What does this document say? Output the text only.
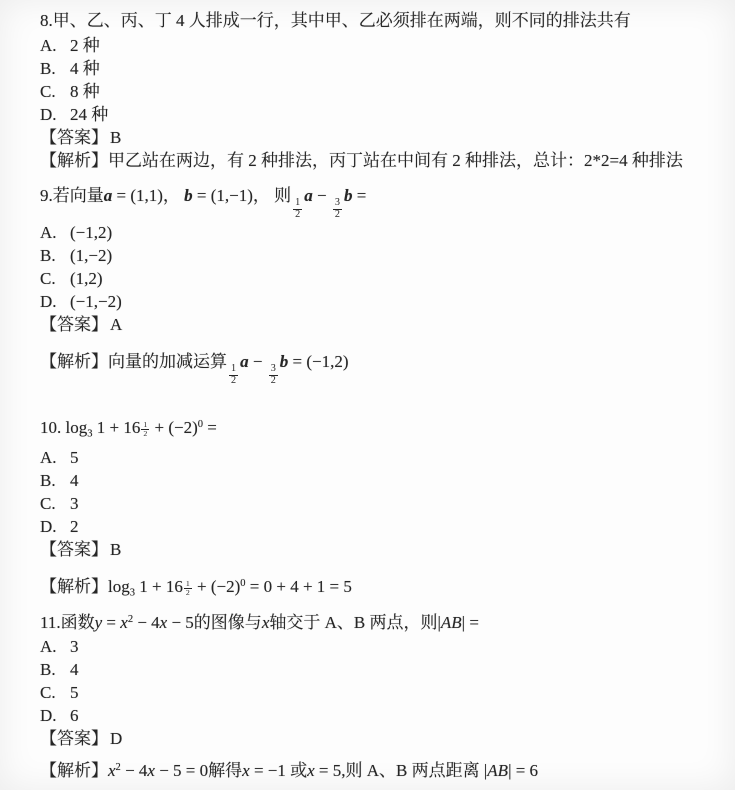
8.甲、乙、丙、丁 4 人排成一行，其中甲、乙必须排在两端，则不同的排法共有
A. 2 种
B. 4 种
C. 8 种
D. 24 种
【答案】 B
【解析】甲乙站在两边，有 2 种排法，丙丁站在中间有 2 种排法，总计：2*2=4 种排法
9.若向量a = (1,1)， b = (1,−1)， 则
$\frac{1}{2}$
a −
$\frac{3}{2}$
b =
A. (−1,2)
B. (1,−2)
C. (1,2)
D. (−1,−2)
【答案】 A
【解析】向量的加减运算
$\frac{1}{2}$
a −
$\frac{3}{2}$
b = (−1,2)
10. $\log_3 1 + 16 \frac{1}{2} + (-2)^0$ =
A. 5
B. 4
C. 3
D. 2
【答案】 B
【解析】$\log_3 1 + 16 \frac{1}{2} + (-2)^0 = 0 + 4 + 1 = 5$
11.函数$y = x^2 - 4x - 5$的图像与x轴交于 A、B 两点，则|AB| =
A. 3
B. 4
C. 5
D. 6
【答案】 D
【解析】$x^2 - 4x - 5 = 0$解得x = −1 或x = 5,则 A、B 两点距离 |AB| = 6
